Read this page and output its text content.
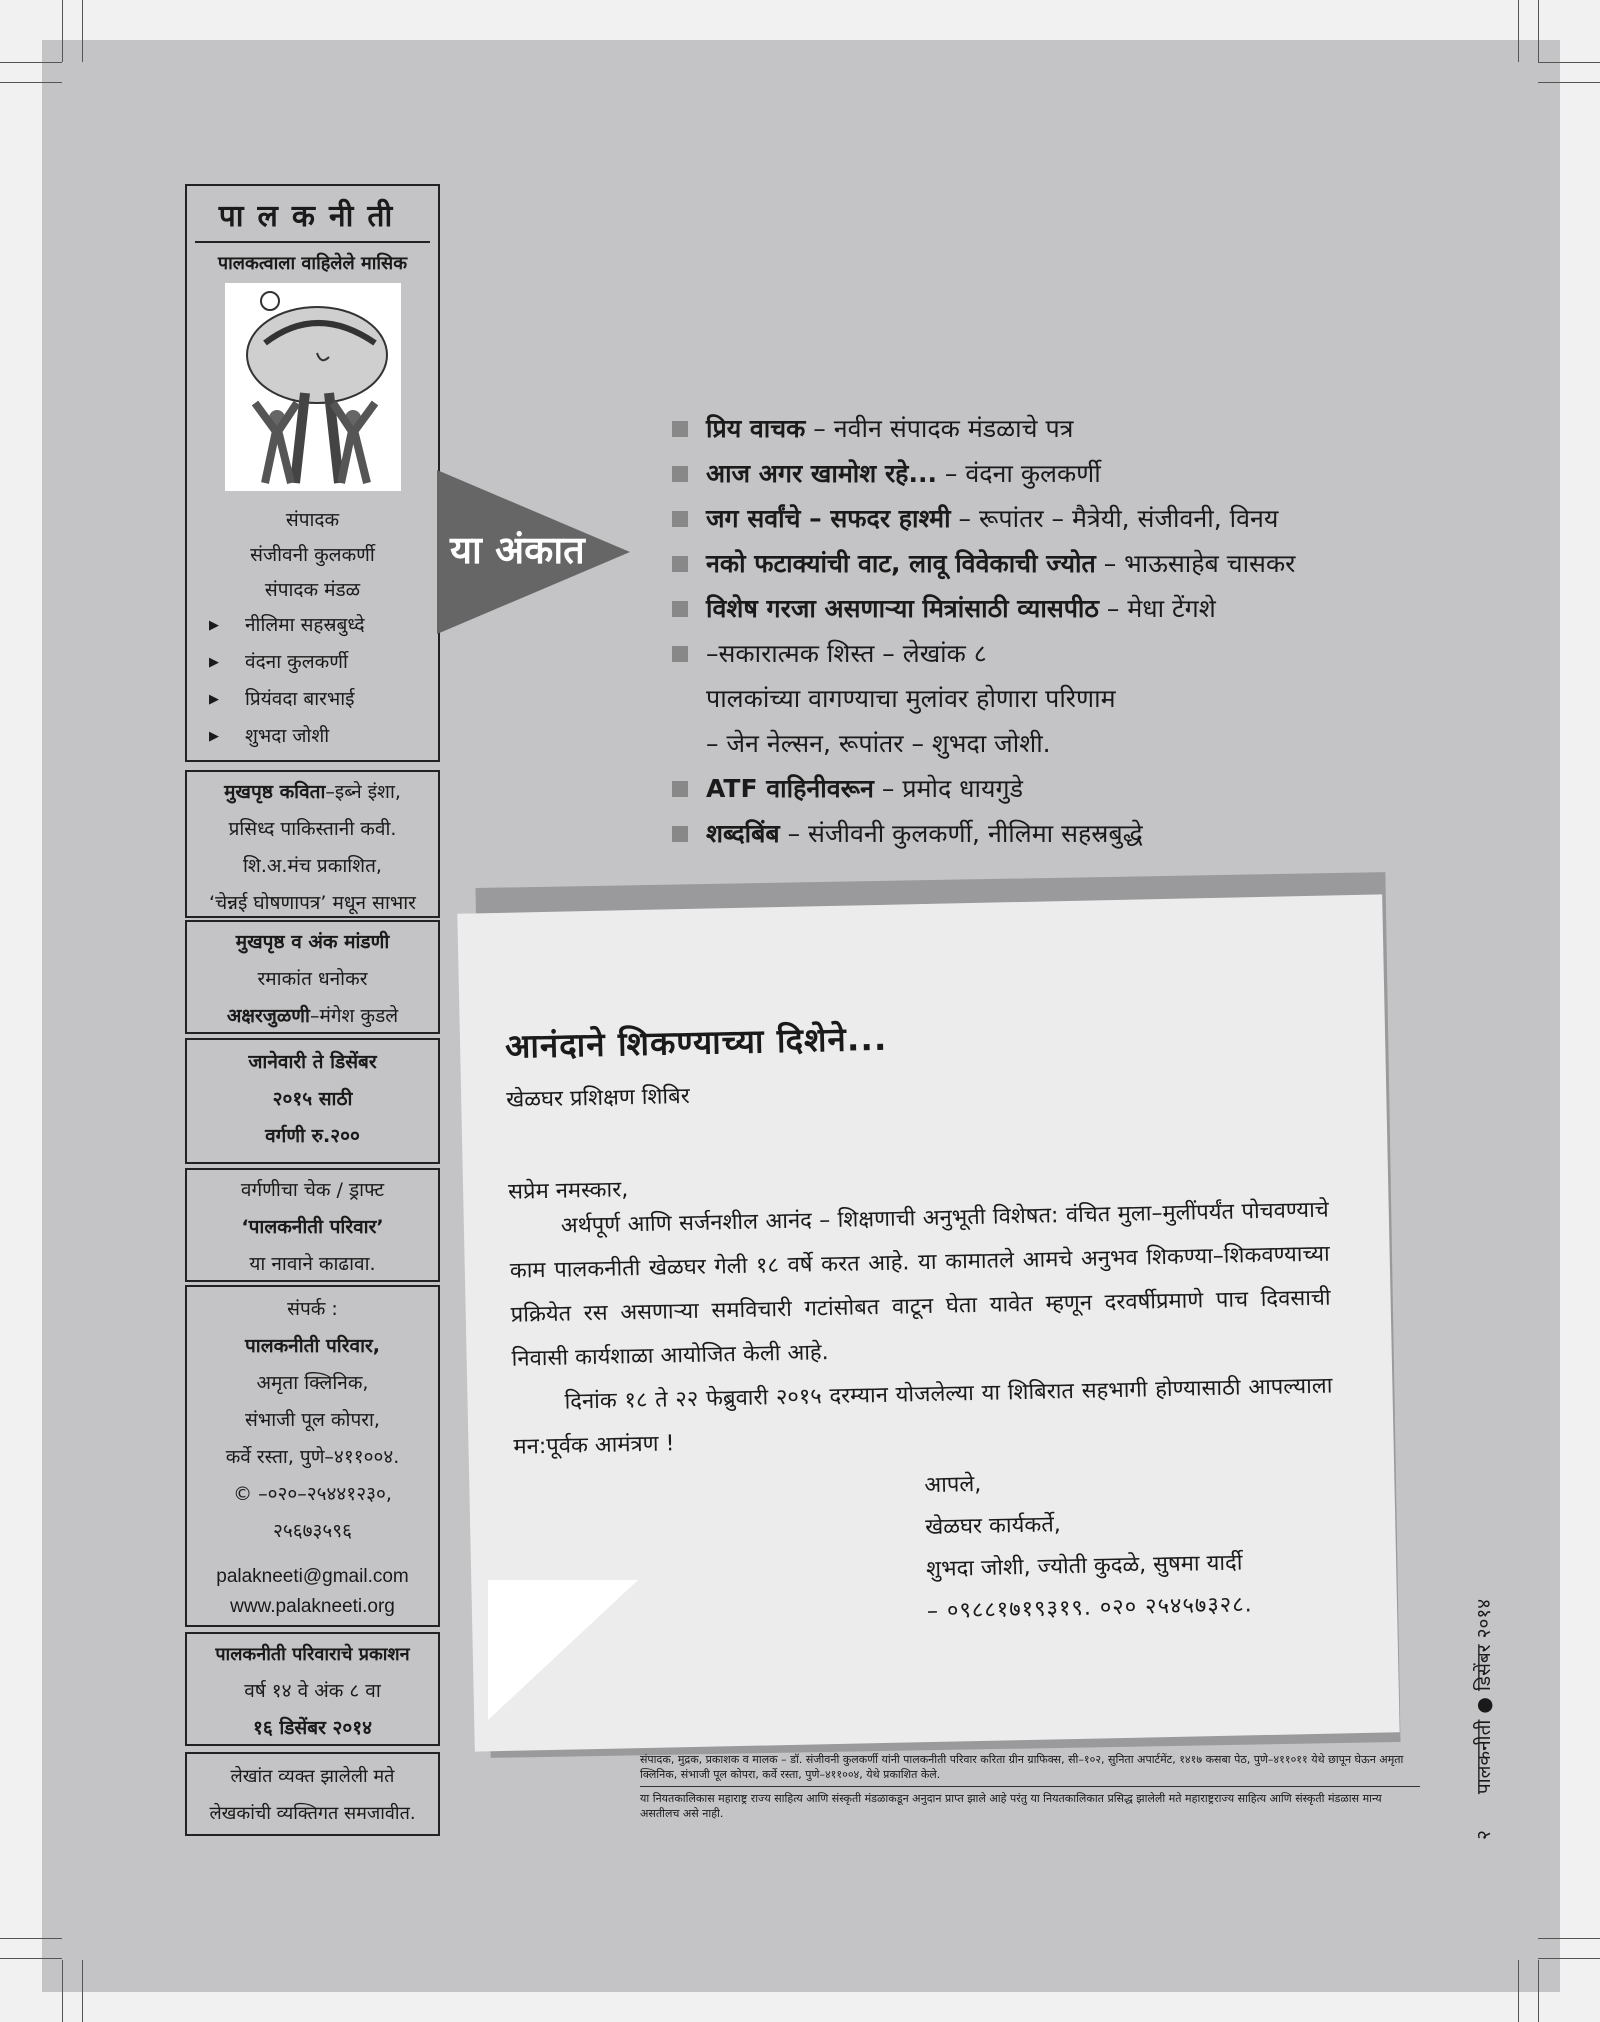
पालकनीती
पालकत्वाला वाहिलेले मासिक
संपादक
संजीवनी कुलकर्णी
संपादक मंडळ
▶ नीलिमा सहस्रबुध्दे
▶ वंदना कुलकर्णी
▶ प्रियंवदा बारभाई
▶ शुभदा जोशी
मुखपृष्ठ कविता–इब्ने इंशा,
प्रसिध्द पाकिस्तानी कवी.
शि.अ.मंच प्रकाशित,
‘चेन्नई घोषणापत्र’ मधून साभार
मुखपृष्ठ व अंक मांडणी
रमाकांत धनोकर
अक्षरजुळणी–मंगेश कुडले
जानेवारी ते डिसेंबर
२०१५ साठी
वर्गणी रु.२००
वर्गणीचा चेक / ड्राफ्ट
‘पालकनीती परिवार’
या नावाने काढावा.
संपर्क :
पालकनीती परिवार,
अमृता क्लिनिक,
संभाजी पूल कोपरा,
कर्वे रस्ता, पुणे–४११००४.
© –०२०–२५४४१२३०,
२५६७३५९६
palakneeti@gmail.com
www.palakneeti.org
पालकनीती परिवाराचे प्रकाशन
वर्ष १४ वे अंक ८ वा
१६ डिसेंबर २०१४
लेखांत व्यक्त झालेली मते
लेखकांची व्यक्तिगत समजावीत.
या अंकात
प्रिय वाचक – नवीन संपादक मंडळाचे पत्र
आज अगर खामोश रहे... – वंदना कुलकर्णी
जग सर्वांचे – सफदर हाश्मी – रूपांतर – मैत्रेयी, संजीवनी, विनय
नको फटाक्यांची वाट, लावू विवेकाची ज्योत – भाऊसाहेब चासकर
विशेष गरजा असणाऱ्या मित्रांसाठी व्यासपीठ – मेधा टेंगशे
–सकारात्मक शिस्त – लेखांक ८
पालकांच्या वागण्याचा मुलांवर होणारा परिणाम
– जेन नेल्सन, रूपांतर – शुभदा जोशी.
ATF वाहिनीवरून – प्रमोद धायगुडे
शब्दबिंब – संजीवनी कुलकर्णी, नीलिमा सहस्रबुद्धे
आनंदाने शिकण्याच्या दिशेने...
खेळघर प्रशिक्षण शिबिर
सप्रेम नमस्कार,

अर्थपूर्ण आणि सर्जनशील आनंद – शिक्षणाची अनुभूती विशेषत: वंचित मुला–मुलींपर्यंत पोचवण्याचे काम पालकनीती खेळघर गेली १८ वर्षे करत आहे. या कामातले आमचे अनुभव शिकण्या–शिकवण्याच्या प्रक्रियेत रस असणाऱ्या समविचारी गटांसोबत वाटून घेता यावेत म्हणून दरवर्षीप्रमाणे पाच दिवसाची निवासी कार्यशाळा आयोजित केली आहे.

दिनांक १८ ते २२ फेब्रुवारी २०१५ दरम्यान योजलेल्या या शिबिरात सहभागी होण्यासाठी आपल्याला मन:पूर्वक आमंत्रण !

आपले,
खेळघर कार्यकर्ते,
शुभदा जोशी, ज्योती कुदळे, सुषमा यार्दी
– ०९८८१७१९३१९. ०२० २५४५७३२८.
संपादक, मुद्रक, प्रकाशक व मालक – डॉ. संजीवनी कुलकर्णी यांनी पालकनीती परिवार करिता ग्रीन ग्राफिक्स, सी–१०२, सुनिता अपार्टमेंट, १४१७ कसबा पेठ, पुणे–४११०११ येथे छापून घेऊन अमृता क्लिनिक, संभाजी पूल कोपरा, कर्वे रस्ता, पुणे–४११००४, येथे प्रकाशित केले.
या नियतकालिकास महाराष्ट्र राज्य साहित्य आणि संस्कृती मंडळाकडून अनुदान प्राप्त झाले आहे परंतु या नियतकालिकात प्रसिद्ध झालेली मते महाराष्ट्रराज्य साहित्य आणि संस्कृती मंडळास मान्य असतीलच असे नाही.
२ पालकनीती ● डिसेंबर २०१४
